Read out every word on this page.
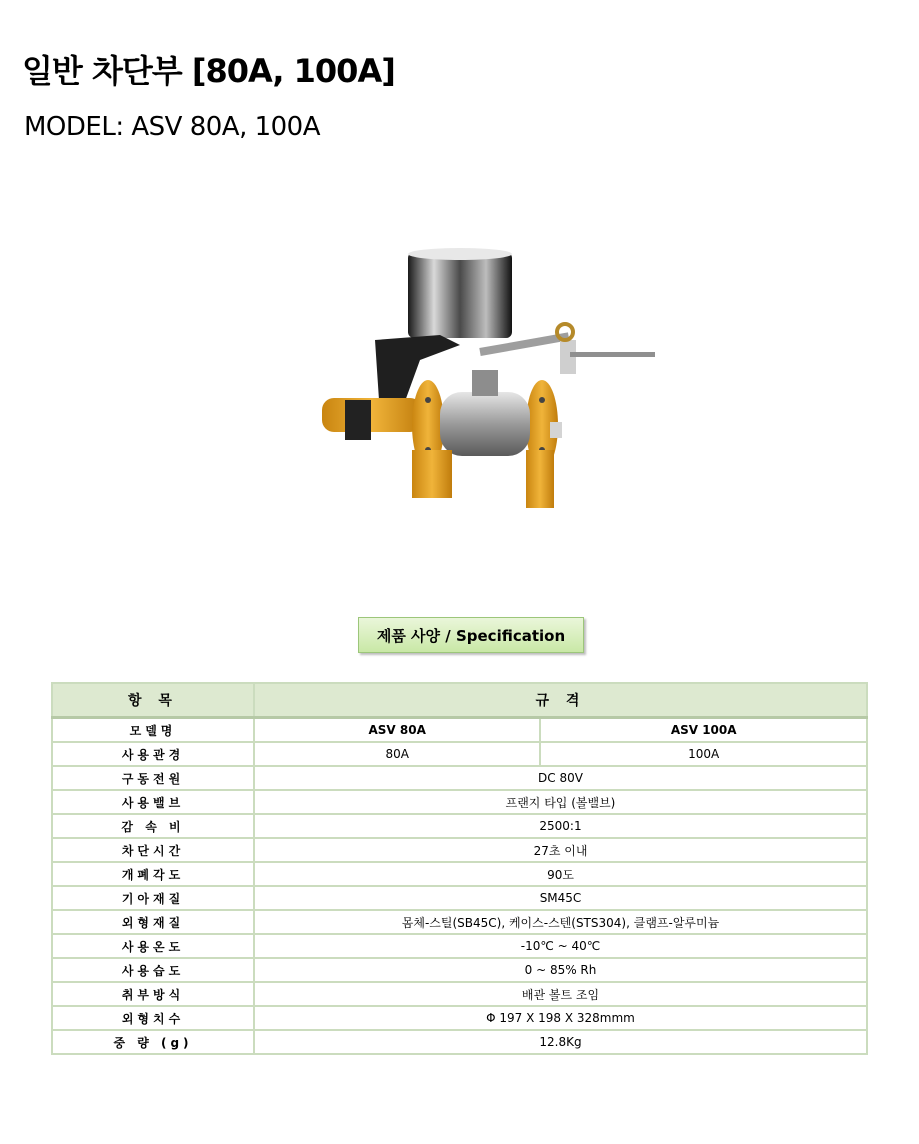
일반 차단부 [80A, 100A]
MODEL: ASV 80A, 100A
제품 사양 / Specification
항 목	규 격	
모델명	ASV 80A	ASV 100A
사용관경	80A	100A
구동전원	DC 80V	
사용밸브	프랜지 타입 (볼밸브)	
감 속 비	2500:1	
차단시간	27초 이내	
개폐각도	90도	
기아재질	SM45C	
외형재질	몸체-스틸(SB45C), 케이스-스텐(STS304), 클램프-알루미늄	
사용온도	-10℃ ~ 40℃	
사용습도	0 ~ 85% Rh	
취부방식	배관 볼트 조임	
외형치수	Φ 197 X 198 X 328mmm	
중 량 (g)	12.8Kg	
